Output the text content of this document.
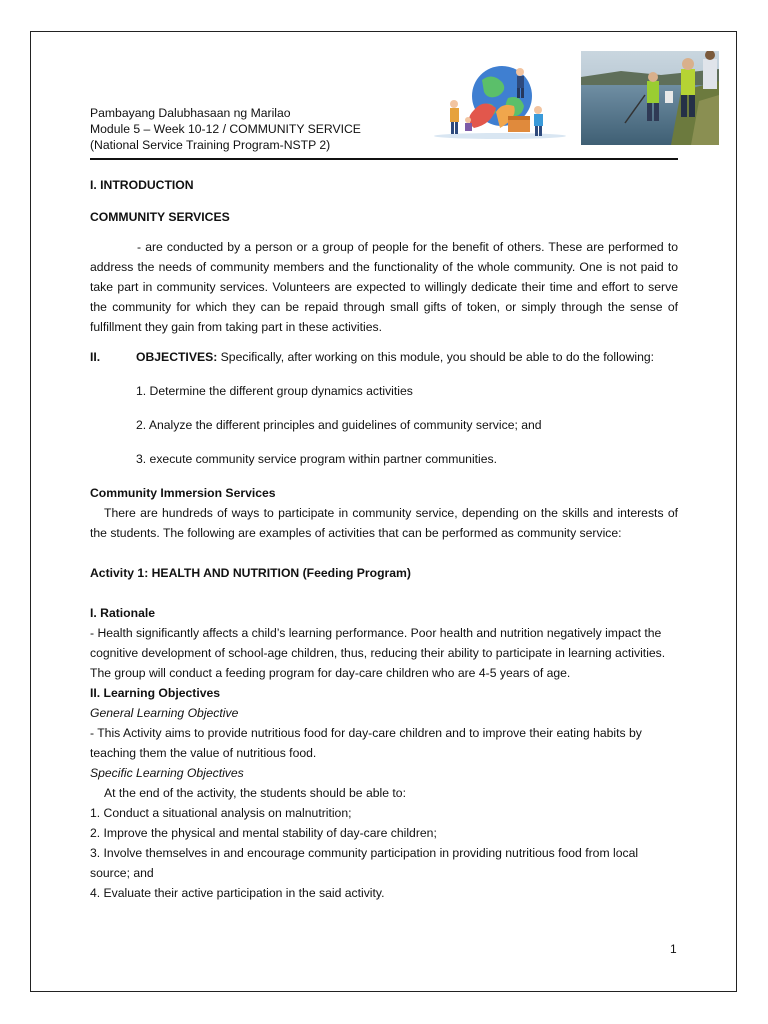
Pambayang Dalubhasaan ng Marilao
Module 5 – Week 10-12 / COMMUNITY SERVICE
(National Service Training Program-NSTP 2)

I. INTRODUCTION

COMMUNITY SERVICES

- are conducted by a person or a group of people for the benefit of others. These are performed to address the needs of community members and the functionality of the whole community. One is not paid to take part in community services. Volunteers are expected to willingly dedicate their time and effort to serve the community for which they can be repaid through small gifts of token, or simply through the sense of fulfillment they gain from taking part in these activities.

II.	OBJECTIVES: Specifically, after working on this module, you should be able to do the following:

1. Determine the different group dynamics activities

2. Analyze the different principles and guidelines of community service; and

3. execute community service program within partner communities.

Community Immersion Services

There are hundreds of ways to participate in community service, depending on the skills and interests of the students. The following are examples of activities that can be performed as community service:

Activity 1: HEALTH AND NUTRITION (Feeding Program)

I. Rationale

- Health significantly affects a child’s learning performance. Poor health and nutrition negatively impact the cognitive development of school-age children, thus, reducing their ability to participate in learning activities.

The group will conduct a feeding program for day-care children who are 4-5 years of age.

II. Learning Objectives

General Learning Objective

- This Activity aims to provide nutritious food for day-care children and to improve their eating habits by teaching them the value of nutritious food.

Specific Learning Objectives

At the end of the activity, the students should be able to:

1. Conduct a situational analysis on malnutrition;

2. Improve the physical and mental stability of day-care children;

3. Involve themselves in and encourage community participation in providing nutritious food from local source; and

4. Evaluate their active participation in the said activity.

1
